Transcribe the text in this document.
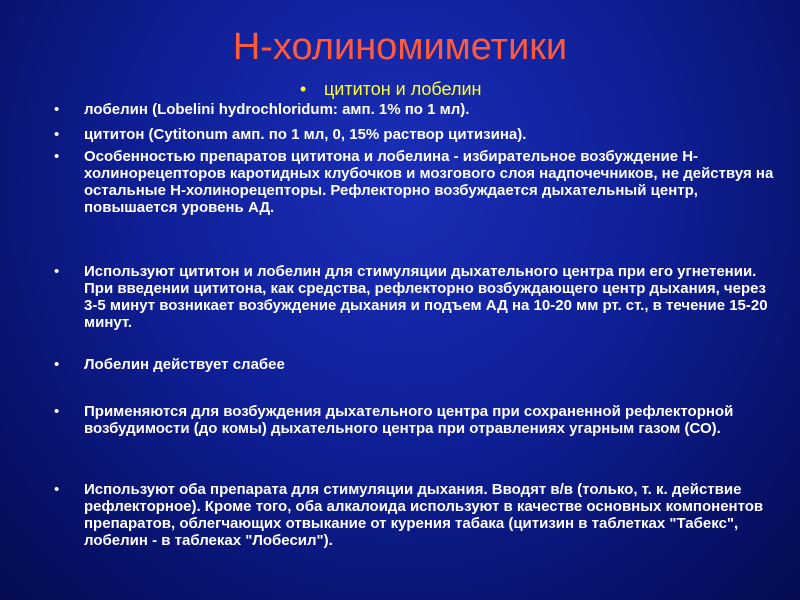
Н-холиномиметики
• цититон и лобелин
• лобелин (Lobelini hydrochloridum: амп. 1% по 1 мл).
• цититон (Cytitonum амп. по 1 мл, 0, 15% раствор цитизина).
• Особенностью препаратов цититона и лобелина - избирательное возбуждение Н-холинорецепторов каротидных клубочков и мозгового слоя надпочечников, не действуя на остальные Н-холинорецепторы. Рефлекторно возбуждается дыхательный центр, повышается уровень АД.
• Используют цититон и лобелин для стимуляции дыхательного центра при его угнетении. При введении цититона, как средства, рефлекторно возбуждающего центр дыхания, через 3-5 минут возникает возбуждение дыхания и подъем АД на 10-20 мм рт. ст., в течение 15-20 минут.
• Лобелин действует слабее
• Применяются для возбуждения дыхательного центра при сохраненной рефлекторной возбудимости (до комы) дыхательного центра при отравлениях угарным газом (СО).
• Используют оба препарата для стимуляции дыхания. Вводят в/в (только, т. к. действие рефлекторное). Кроме того, оба алкалоида используют в качестве основных компонентов препаратов, облегчающих отвыкание от курения табака (цитизин в таблетках "Табекс", лобелин - в таблеках "Лобесил").
